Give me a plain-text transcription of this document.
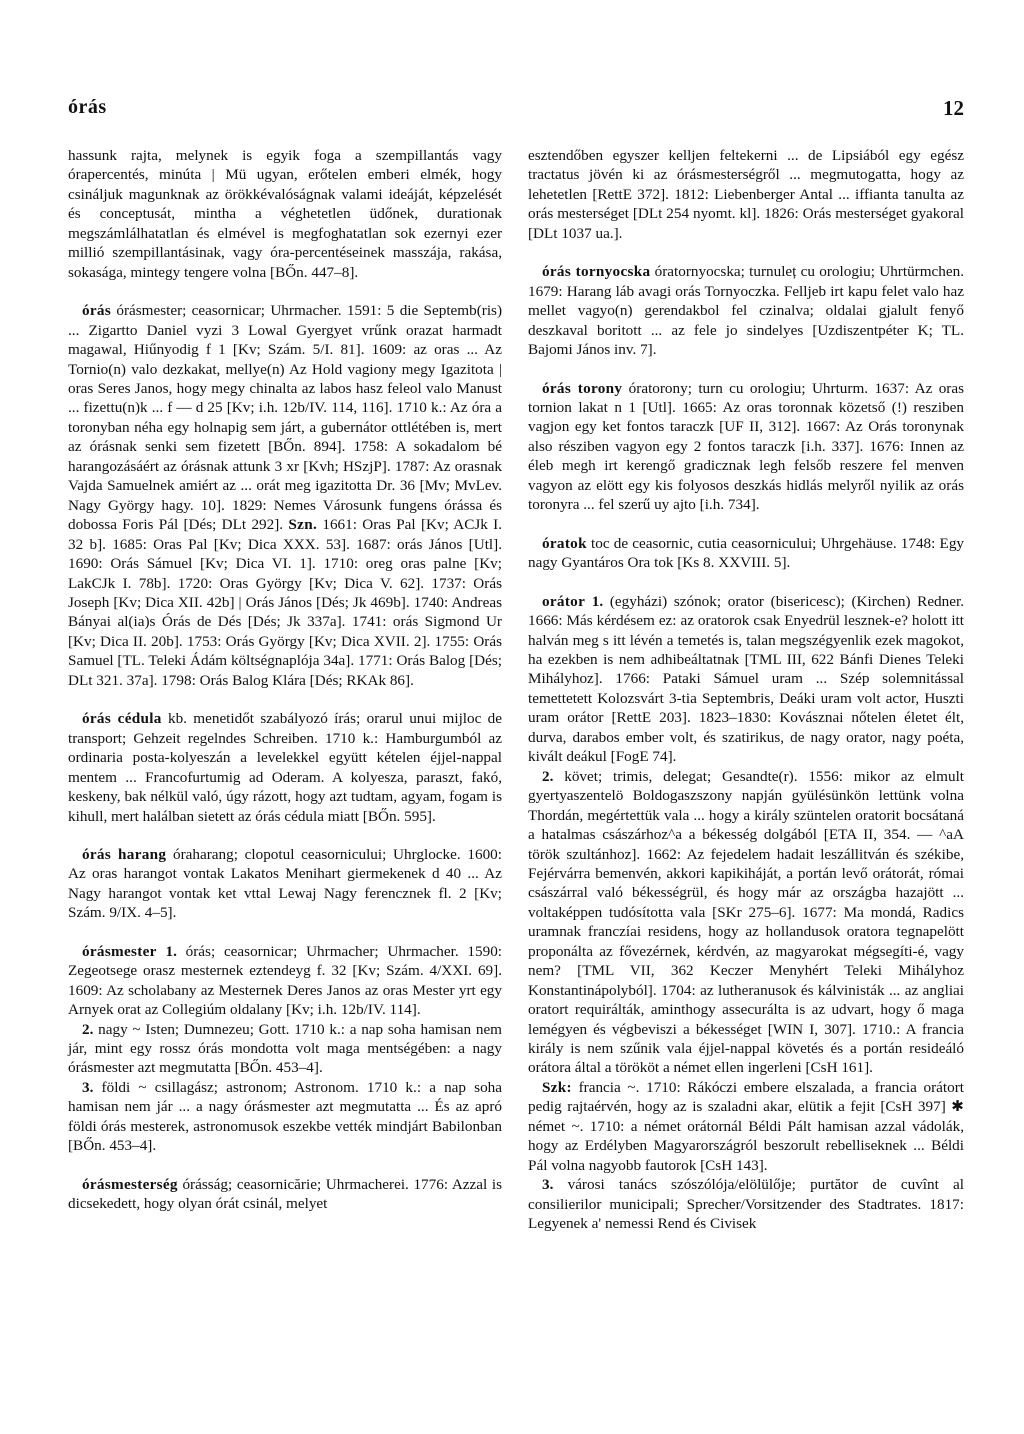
órás	12

hassunk rajta, melynek is egyik foga a szempillantás vagy órapercentés, minúta | Mü ugyan, erőtelen emberi elmék, hogy csináljuk magunknak az örökkévalóságnak valami ideáját, képzelését és conceptusát, mintha a véghetetlen üdőnek, durationak megszámlálhatatlan és elmével is megfoghatatlan sok ezernyi ezer millió szempillantásinak, vagy óra-percentéseinek masszája, rakása, sokasága, mintegy tengere volna [BŐn. 447–8].

órás órásmester; ceasornicar; Uhrmacher. 1591: 5 die Septemb(ris) ... Zigartto Daniel vyzi 3 Lowal Gyergyet vrűnk orazat harmadt magawal, Hiűnyodig f 1 [Kv; Szám. 5/I. 81]. 1609: az oras ... Az Tornio(n) valo dezkakat, mellye(n) Az Hold vagiony megy Igazitota | oras Seres Janos, hogy megy chinalta az labos hasz feleol valo Manust ... fizettu(n)k ... f — d 25 [Kv; i.h. 12b/IV. 114, 116]. 1710 k.: Az óra a toronyban néha egy holnapig sem járt, a gubernátor ottlétében is, mert az órásnak senki sem fizetett [BŐn. 894]. 1758: A sokadalom bé harangozásáért az órásnak attunk 3 xr [Kvh; HSzjP]. 1787: Az orasnak Vajda Samuelnek amiért az ... orát meg igazitotta Dr. 36 [Mv; MvLev. Nagy György hagy. 10]. 1829: Nemes Városunk fungens órássa és dobossa Foris Pál [Dés; DLt 292]. Szn. 1661: Oras Pal [Kv; ACJk I. 32 b]. 1685: Oras Pal [Kv; Dica XXX. 53]. 1687: orás János [Utl]. 1690: Orás Sámuel [Kv; Dica VI. 1]. 1710: oreg oras palne [Kv; LakCJk I. 78b]. 1720: Oras György [Kv; Dica V. 62]. 1737: Orás Joseph [Kv; Dica XII. 42b] | Orás János [Dés; Jk 469b]. 1740: Andreas Bányai al(ia)s Órás de Dés [Dés; Jk 337a]. 1741: orás Sigmond Ur [Kv; Dica II. 20b]. 1753: Orás György [Kv; Dica XVII. 2]. 1755: Orás Samuel [TL. Teleki Ádám költségnaplója 34a]. 1771: Orás Balog [Dés; DLt 321. 37a]. 1798: Orás Balog Klára [Dés; RKAk 86].

órás cédula kb. menetidőt szabályozó írás; orarul unui mijloc de transport; Gehzeit regelndes Schreiben. 1710 k.: Hamburgumból az ordinaria posta-kolyeszán a levelekkel együtt kételen éjjel-nappal mentem ... Francofurtumig ad Oderam. A kolyesza, paraszt, fakó, keskeny, bak nélkül való, úgy rázott, hogy azt tudtam, agyam, fogam is kihull, mert halálban sietett az órás cédula miatt [BŐn. 595].

órás harang óraharang; clopotul ceasornicului; Uhrglocke. 1600: Az oras harangot vontak Lakatos Menihart giermekenek d 40 ... Az Nagy harangot vontak ket vttal Lewaj Nagy ferencznek fl. 2 [Kv; Szám. 9/IX. 4–5].

órásmester 1. órás; ceasornicar; Uhrmacher; Uhrmacher. 1590: Zegeotsege orasz mesternek eztendeyg f. 32 [Kv; Szám. 4/XXI. 69]. 1609: Az scholabany az Mesternek Deres Janos az oras Mester yrt egy Arnyek orat az Collegiúm oldalany [Kv; i.h. 12b/IV. 114].

2. nagy ~ Isten; Dumnezeu; Gott. 1710 k.: a nap soha hamisan nem jár, mint egy rossz órás mondotta volt maga mentségében: a nagy órásmester azt megmutatta [BŐn. 453–4].

3. földi ~ csillagász; astronom; Astronom. 1710 k.: a nap soha hamisan nem jár ... a nagy órásmester azt megmutatta ... És az apró földi órás mesterek, astronomusok eszekbe vették mindjárt Babilonban [BŐn. 453–4].

órásmesterség órásság; ceasornicărie; Uhrmacherei. 1776: Azzal is dicsekedett, hogy olyan órát csinál, melyet

esztendőben egyszer kelljen feltekerni ... de Lipsiából egy egész tractatus jövén ki az órásmesterségről ... megmutogatta, hogy az lehetetlen [RettE 372]. 1812: Liebenberger Antal ... iffianta tanulta az orás mesterséget [DLt 254 nyomt. kl]. 1826: Orás mesterséget gyakoral [DLt 1037 ua.].

órás tornyocska óratornyocska; turnuleț cu orologiu; Uhrtürmchen. 1679: Harang láb avagi orás Tornyoczka. Felljeb irt kapu felet valo haz mellet vagyo(n) gerendakbol fel czinalva; oldalai gjalult fenyő deszkaval boritott ... az fele jo sindelyes [Uzdiszentpéter K; TL. Bajomi János inv. 7].

órás torony óratorony; turn cu orologiu; Uhrturm. 1637: Az oras tornion lakat n 1 [Utl]. 1665: Az oras toronnak közetső (!) resziben vagjon egy ket fontos taraczk [UF II, 312]. 1667: Az Orás toronynak also résziben vagyon egy 2 fontos taraczk [i.h. 337]. 1676: Innen az éleb megh irt kerengő gradicznak legh felsőb reszere fel menven vagyon az elött egy kis folyosos deszkás hidlás melyről nyilik az orás toronyra ... fel szerű uy ajto [i.h. 734].

óratok toc de ceasornic, cutia ceasornicului; Uhrgehäuse. 1748: Egy nagy Gyantáros Ora tok [Ks 8. XXVIII. 5].

orátor 1. (egyházi) szónok; orator (bisericesc); (Kirchen) Redner. 1666: Más kérdésem ez: az oratorok csak Enyedrül lesznek-e? holott itt halván meg s itt lévén a temetés is, talan megszégyenlik ezek magokot, ha ezekben is nem adhibeáltatnak [TML III, 622 Bánfi Dienes Teleki Mihályhoz]. 1766: Pataki Sámuel uram ... Szép solemnitással temettetett Kolozsvárt 3-tia Septembris, Deáki uram volt actor, Huszti uram orátor [RettE 203]. 1823–1830: Kovásznai nőtelen életet élt, durva, darabos ember volt, és szatirikus, de nagy orator, nagy poéta, kivált deákul [FogE 74].

2. követ; trimis, delegat; Gesandte(r). 1556: mikor az elmult gyertyaszentelö Boldogaszszony napján gyülésünkön lettünk volna Thordán, megértettük vala ... hogy a király szüntelen oratorit bocsátaná a hatalmas császárhoz^a a békesség dolgából [ETA II, 354. — ^aA török szultánhoz]. 1662: Az fejedelem hadait leszállitván és székibe, Fejérvárra bemenvén, akkori kapikiháját, a portán levő orátorát, római császárral való békességrül, és hogy már az országba hazajött ... voltaképpen tudósította vala [SKr 275–6]. 1677: Ma mondá, Radics uramnak franczíai residens, hogy az hollandusok oratora tegnapelött proponálta az fővezérnek, kérdvén, az magyarokat mégsegíti-é, vagy nem? [TML VII, 362 Keczer Menyhért Teleki Mihályhoz Konstantinápolyból]. 1704: az lutheranusok és kálvinisták ... az angliai oratort requirálták, aminthogy assecurálta is az udvart, hogy ő maga lemégyen és végbeviszi a békességet [WIN I, 307]. 1710.: A francia király is nem szűnik vala éjjel-nappal követés és a portán resideáló orátora által a törököt a német ellen ingerleni [CsH 161].

Szk: francia ~. 1710: Rákóczi embere elszalada, a francia orátort pedig rajtaérvén, hogy az is szaladni akar, elütik a fejit [CsH 397] ✱ német ~. 1710: a német orátornál Béldi Pált hamisan azzal vádolák, hogy az Erdélyben Magyarországról beszorult rebelliseknek ... Béldi Pál volna nagyobb fautorok [CsH 143].

3. városi tanács szószólója/elölülője; purtător de cuvînt al consilierilor municipali; Sprecher/Vorsitzender des Stadtrates. 1817: Legyenek a' nemessi Rend és Civisek
